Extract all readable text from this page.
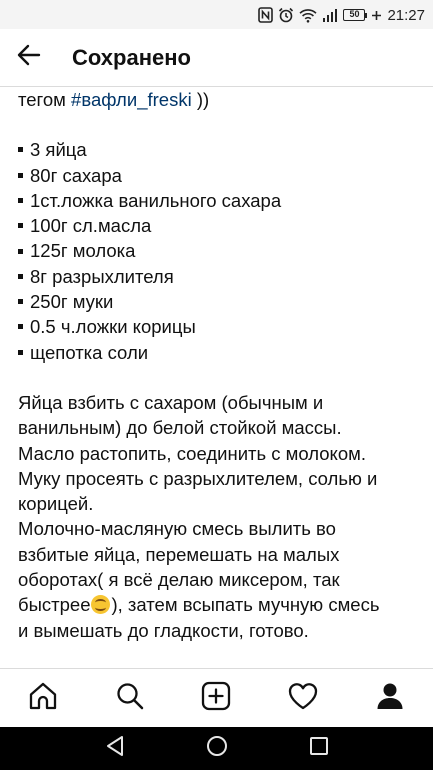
50	21:27
Сохранено
тегом #вафли_freski ))
3 яйца
80г сахара
1ст.ложка ванильного сахара
100г сл.масла
125г молока
8г разрыхлителя
250г муки
0.5 ч.ложки корицы
щепотка соли
Яйца взбить с сахаром (обычным и
ванильным) до белой стойкой массы.
Масло растопить, соединить с молоком.
Муку просеять с разрыхлителем, солью и
корицей.
Молочно-масляную смесь вылить во
взбитые яйца, перемешать на малых
оборотах( я всё делаю миксером, так
быстрее ), затем всыпать мучную смесь
и вымешать до гладкости, готово.
